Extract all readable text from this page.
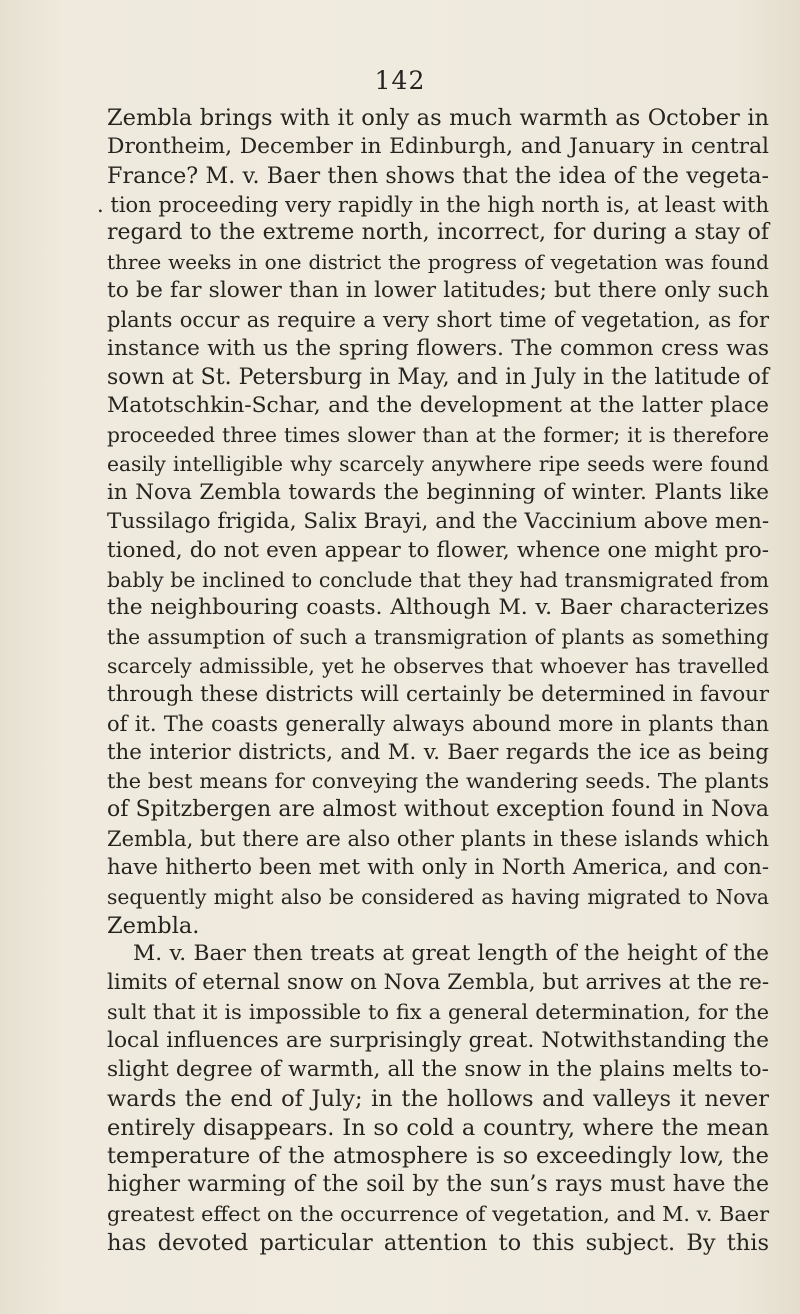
142
Zembla brings with it only as much warmth as October in
Drontheim, December in Edinburgh, and January in central
France? M. v. Baer then shows that the idea of the vegeta-
. tion proceeding very rapidly in the high north is, at least with
regard to the extreme north, incorrect, for during a stay of
three weeks in one district the progress of vegetation was found
to be far slower than in lower latitudes; but there only such
plants occur as require a very short time of vegetation, as for
instance with us the spring flowers. The common cress was
sown at St. Petersburg in May, and in July in the latitude of
Matotschkin-Schar, and the development at the latter place
proceeded three times slower than at the former; it is therefore
easily intelligible why scarcely anywhere ripe seeds were found
in Nova Zembla towards the beginning of winter. Plants like
Tussilago frigida, Salix Brayi, and the Vaccinium above men-
tioned, do not even appear to flower, whence one might pro-
bably be inclined to conclude that they had transmigrated from
the neighbouring coasts. Although M. v. Baer characterizes
the assumption of such a transmigration of plants as something
scarcely admissible, yet he observes that whoever has travelled
through these districts will certainly be determined in favour
of it. The coasts generally always abound more in plants than
the interior districts, and M. v. Baer regards the ice as being
the best means for conveying the wandering seeds. The plants
of Spitzbergen are almost without exception found in Nova
Zembla, but there are also other plants in these islands which
have hitherto been met with only in North America, and con-
sequently might also be considered as having migrated to Nova
Zembla.
M. v. Baer then treats at great length of the height of the
limits of eternal snow on Nova Zembla, but arrives at the re-
sult that it is impossible to fix a general determination, for the
local influences are surprisingly great. Notwithstanding the
slight degree of warmth, all the snow in the plains melts to-
wards the end of July; in the hollows and valleys it never
entirely disappears. In so cold a country, where the mean
temperature of the atmosphere is so exceedingly low, the
higher warming of the soil by the sun’s rays must have the
greatest effect on the occurrence of vegetation, and M. v. Baer
has devoted particular attention to this subject. By this
